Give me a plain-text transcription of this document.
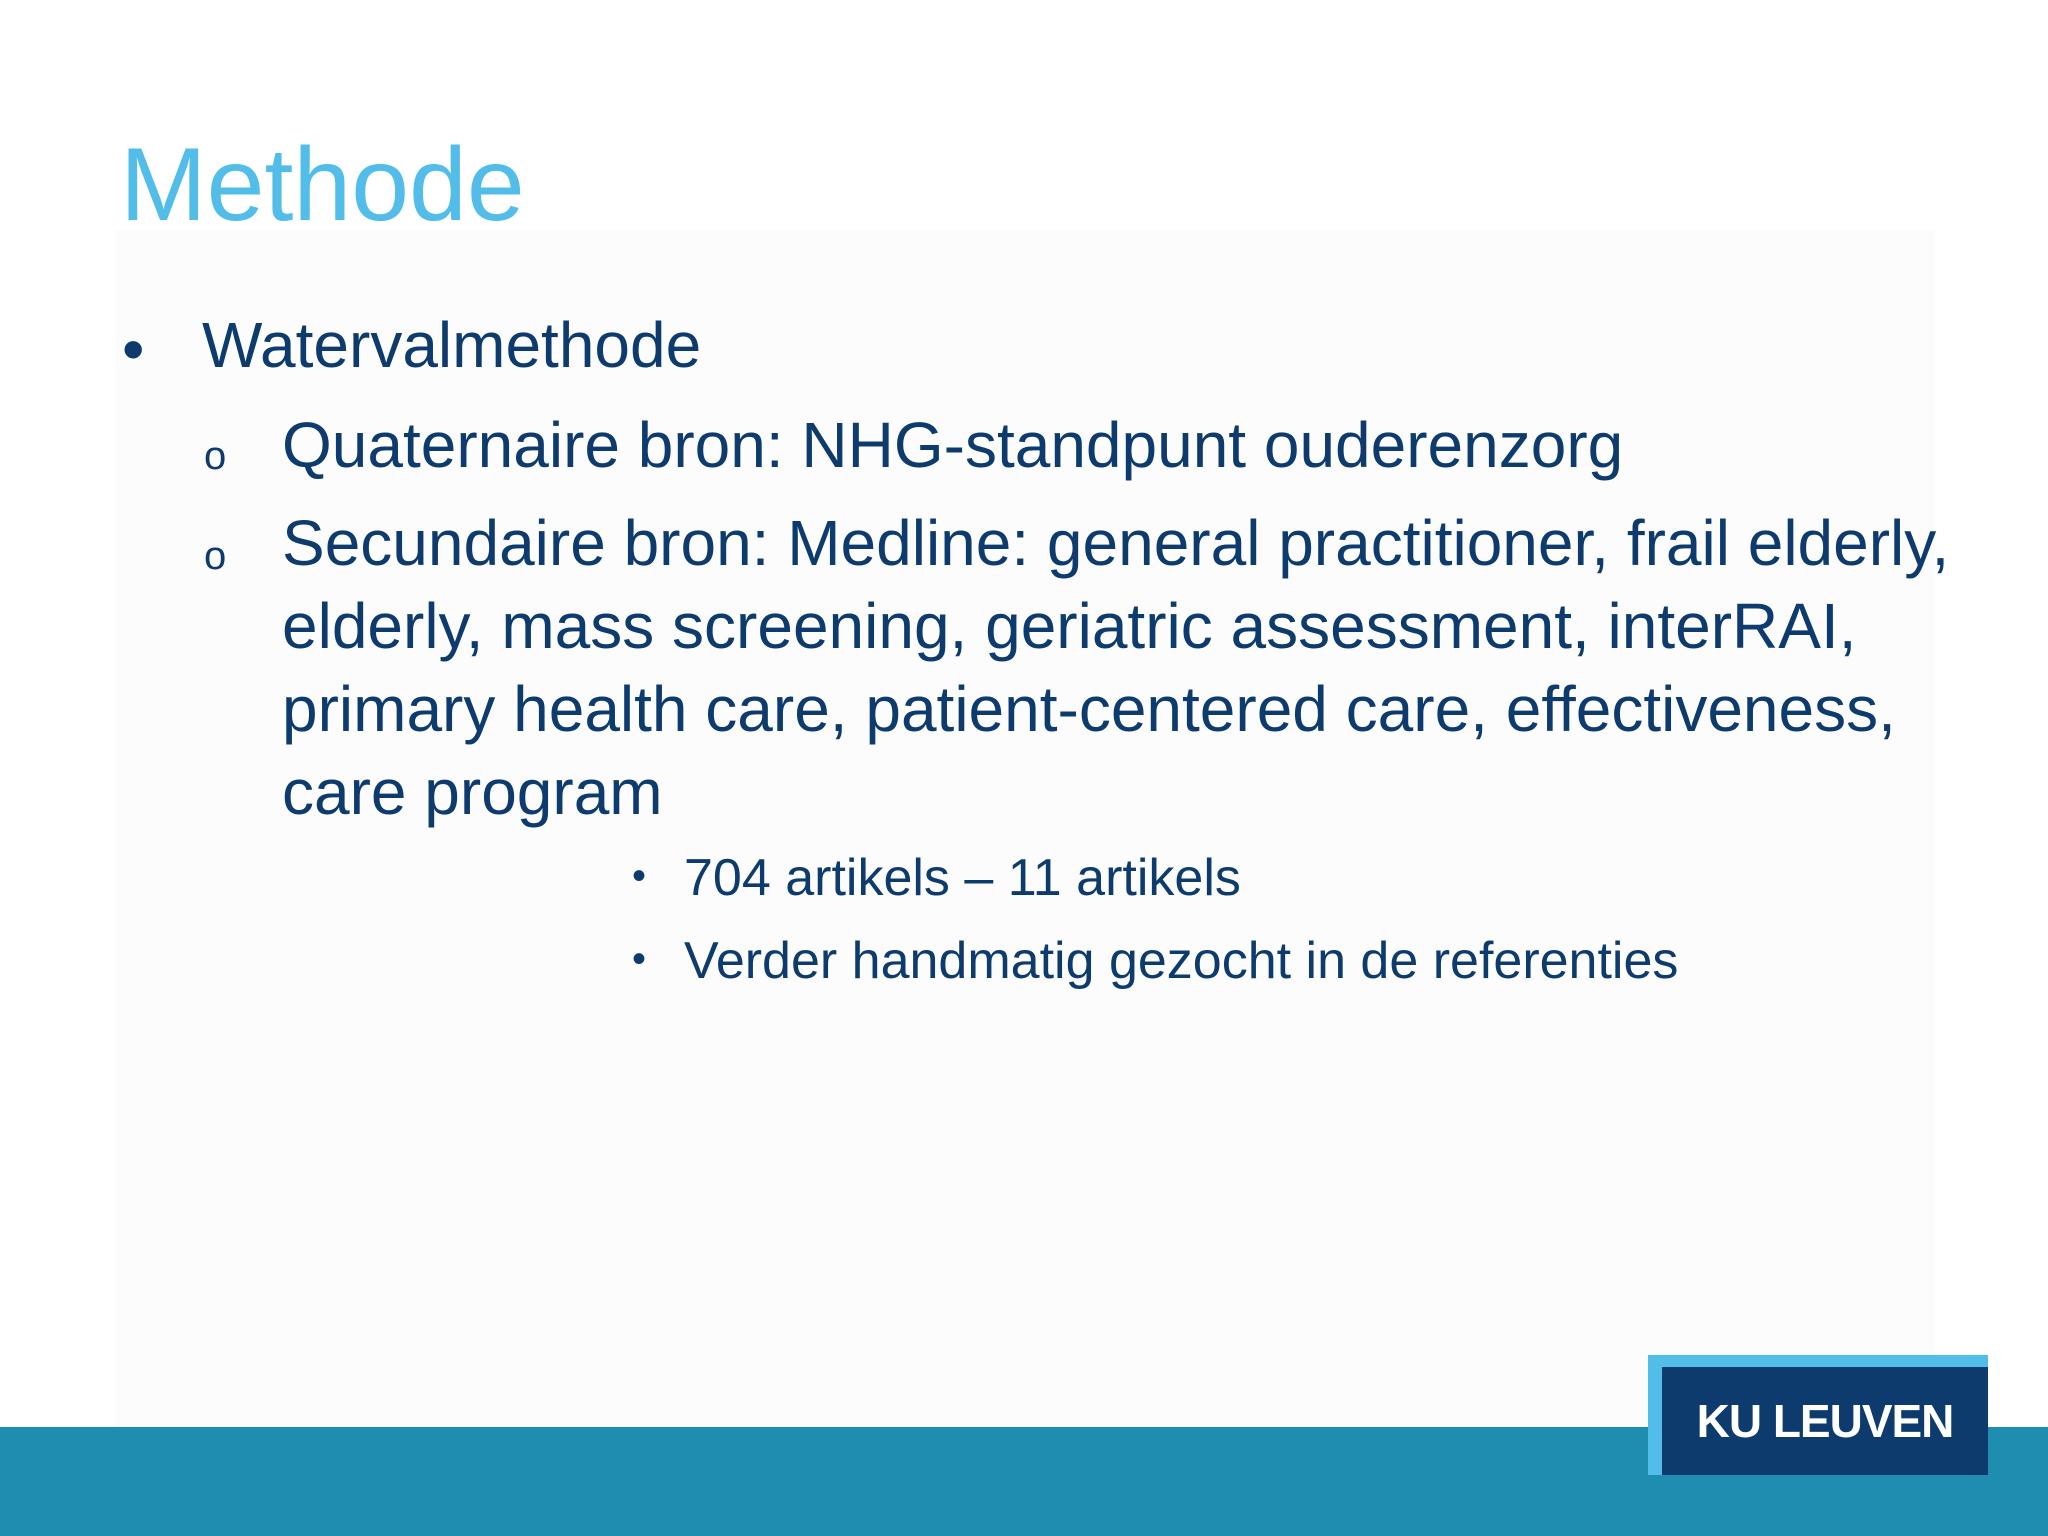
Methode
• Watervalmethode
o Quaternaire bron: NHG-standpunt ouderenzorg
o Secundaire bron: Medline: general practitioner, frail elderly, elderly, mass screening, geriatric assessment, interRAI, primary health care, patient-centered care, effectiveness, care program
• 704 artikels – 11 artikels
• Verder handmatig gezocht in de referenties
KU LEUVEN
